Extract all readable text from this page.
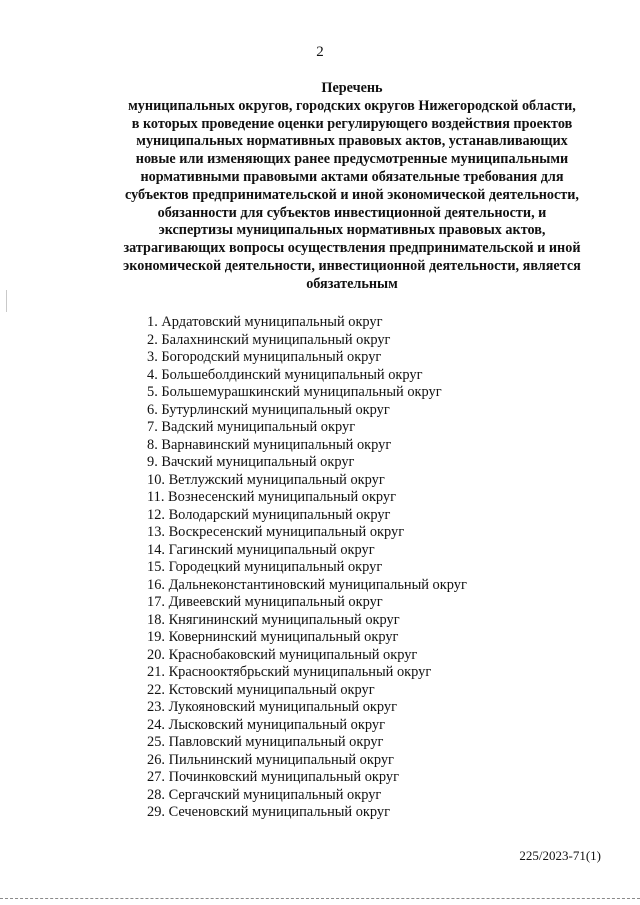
2
Перечень
муниципальных округов, городских округов Нижегородской области,
в которых проведение оценки регулирующего воздействия проектов
муниципальных нормативных правовых актов, устанавливающих
новые или изменяющих ранее предусмотренные муниципальными
нормативными правовыми актами обязательные требования для
субъектов предпринимательской и иной экономической деятельности,
обязанности для субъектов инвестиционной деятельности, и
экспертизы муниципальных нормативных правовых актов,
затрагивающих вопросы осуществления предпринимательской и иной
экономической деятельности, инвестиционной деятельности, является
обязательным
1. Ардатовский муниципальный округ
2. Балахнинский муниципальный округ
3. Богородский муниципальный округ
4. Большеболдинский муниципальный округ
5. Большемурашкинский муниципальный округ
6. Бутурлинский муниципальный округ
7. Вадский муниципальный округ
8. Варнавинский муниципальный округ
9. Вачский муниципальный округ
10. Ветлужский муниципальный округ
11. Вознесенский муниципальный округ
12. Володарский муниципальный округ
13. Воскресенский муниципальный округ
14. Гагинский муниципальный округ
15. Городецкий муниципальный округ
16. Дальнеконстантиновский муниципальный округ
17. Дивеевский муниципальный округ
18. Княгининский муниципальный округ
19. Ковернинский муниципальный округ
20. Краснобаковский муниципальный округ
21. Краснооктябрьский муниципальный округ
22. Кстовский муниципальный округ
23. Лукояновский муниципальный округ
24. Лысковский муниципальный округ
25. Павловский муниципальный округ
26. Пильнинский муниципальный округ
27. Починковский муниципальный округ
28. Сергачский муниципальный округ
29. Сеченовский муниципальный округ
225/2023-71(1)
